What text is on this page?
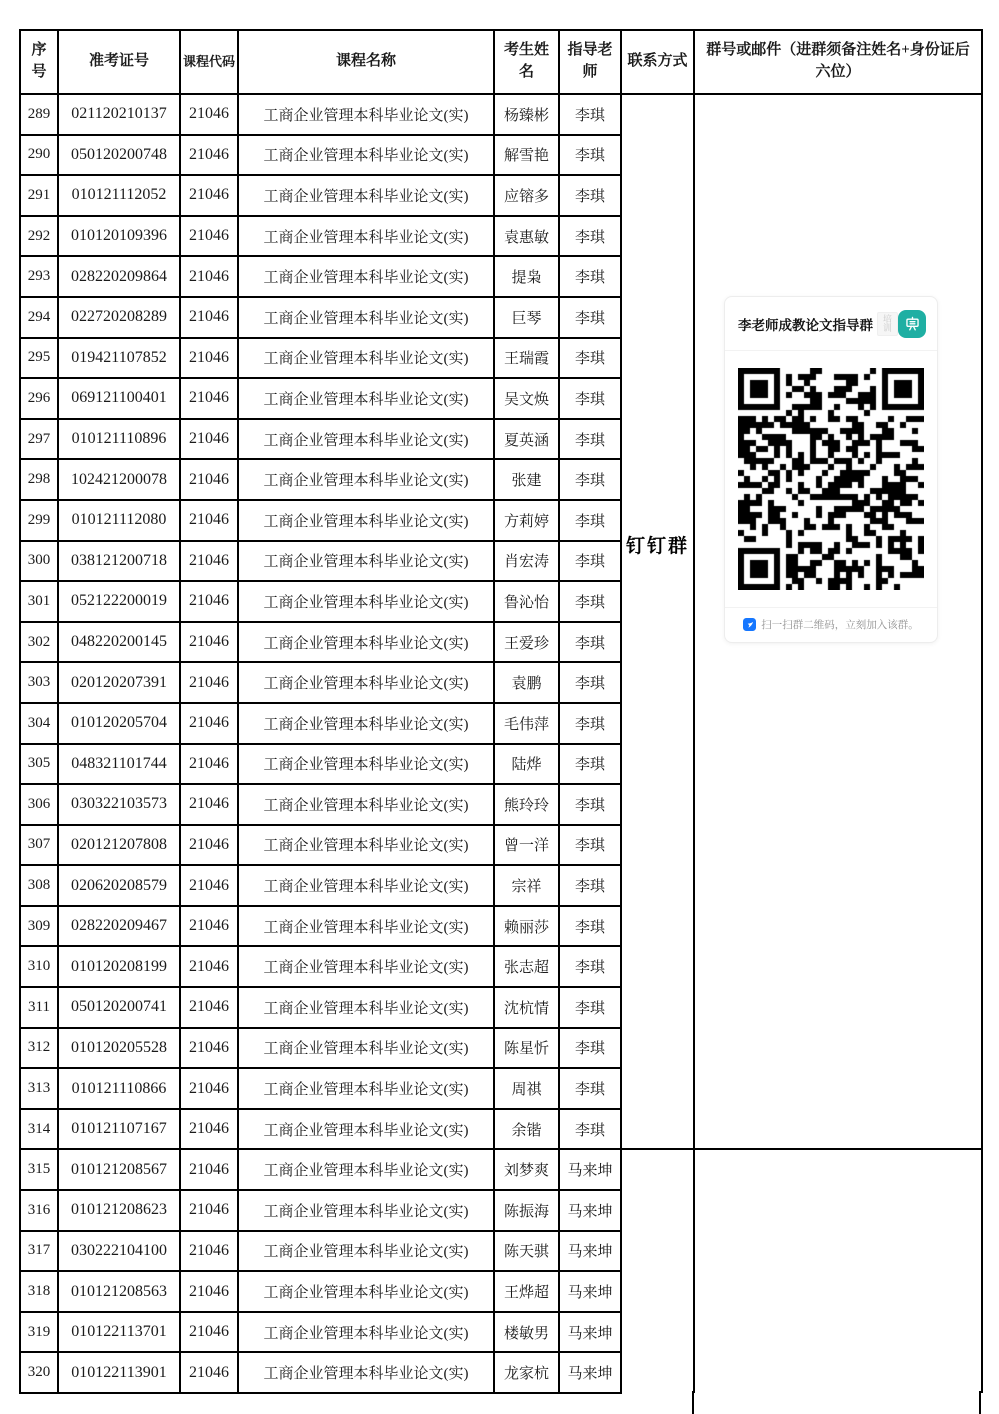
序号	准考证号	课程代码	课程名称	考生姓名	指导老师	联系方式	群号或邮件（进群须备注姓名+身份证后六位）
289	021120210137	21046	工商企业管理本科毕业论文(实)	杨臻彬	李琪	钉钉群	李老师成教论文指导群 培训
扫一扫群二维码，立刻加入该群。

290	050120200748	21046	工商企业管理本科毕业论文(实)	解雪艳	李琪		
291	010121112052	21046	工商企业管理本科毕业论文(实)	应镕多	李琪		
292	010120109396	21046	工商企业管理本科毕业论文(实)	袁惠敏	李琪		
293	028220209864	21046	工商企业管理本科毕业论文(实)	提枭	李琪		
294	022720208289	21046	工商企业管理本科毕业论文(实)	巨琴	李琪		
295	019421107852	21046	工商企业管理本科毕业论文(实)	王瑞霞	李琪		
296	069121100401	21046	工商企业管理本科毕业论文(实)	吴文焕	李琪		
297	010121110896	21046	工商企业管理本科毕业论文(实)	夏英涵	李琪		
298	102421200078	21046	工商企业管理本科毕业论文(实)	张建	李琪		
299	010121112080	21046	工商企业管理本科毕业论文(实)	方莉婷	李琪		
300	038121200718	21046	工商企业管理本科毕业论文(实)	肖宏涛	李琪		
301	052122200019	21046	工商企业管理本科毕业论文(实)	鲁沁怡	李琪		
302	048220200145	21046	工商企业管理本科毕业论文(实)	王爱珍	李琪		
303	020120207391	21046	工商企业管理本科毕业论文(实)	袁鹏	李琪		
304	010120205704	21046	工商企业管理本科毕业论文(实)	毛伟萍	李琪		
305	048321101744	21046	工商企业管理本科毕业论文(实)	陆烨	李琪		
306	030322103573	21046	工商企业管理本科毕业论文(实)	熊玲玲	李琪		
307	020121207808	21046	工商企业管理本科毕业论文(实)	曾一洋	李琪		
308	020620208579	21046	工商企业管理本科毕业论文(实)	宗祥	李琪		
309	028220209467	21046	工商企业管理本科毕业论文(实)	赖丽莎	李琪		
310	010120208199	21046	工商企业管理本科毕业论文(实)	张志超	李琪		
311	050120200741	21046	工商企业管理本科毕业论文(实)	沈杭情	李琪		
312	010120205528	21046	工商企业管理本科毕业论文(实)	陈星忻	李琪		
313	010121110866	21046	工商企业管理本科毕业论文(实)	周祺	李琪		
314	010121107167	21046	工商企业管理本科毕业论文(实)	余锴	李琪		
315	010121208567	21046	工商企业管理本科毕业论文(实)	刘梦爽	马来坤		
316	010121208623	21046	工商企业管理本科毕业论文(实)	陈振海	马来坤		
317	030222104100	21046	工商企业管理本科毕业论文(实)	陈天骐	马来坤		
318	010121208563	21046	工商企业管理本科毕业论文(实)	王烨超	马来坤		
319	010122113701	21046	工商企业管理本科毕业论文(实)	楼敏男	马来坤		
320	010122113901	21046	工商企业管理本科毕业论文(实)	龙家杭	马来坤		
